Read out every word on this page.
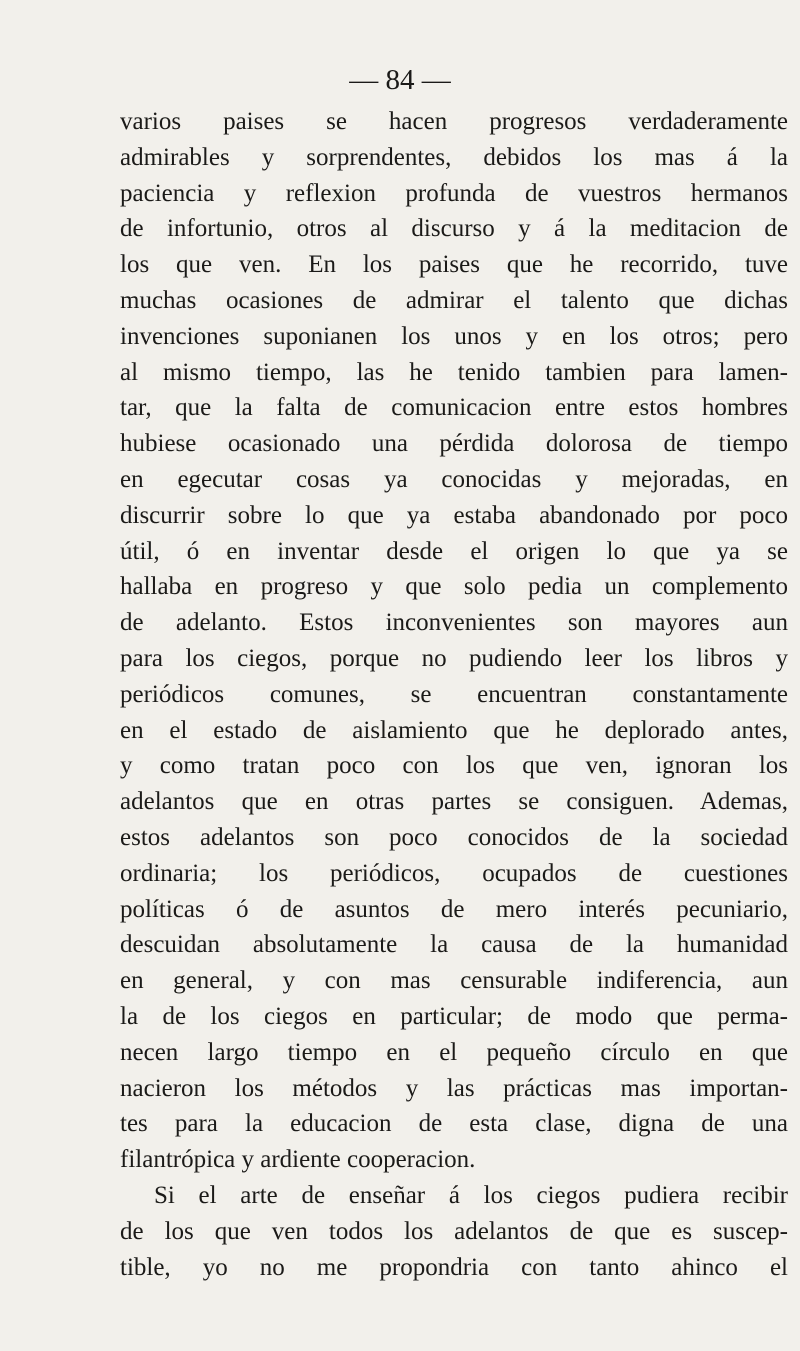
— 84 —
varios paises se hacen progresos verdaderamente
admirables y sorprendentes, debidos los mas á la
paciencia y reflexion profunda de vuestros hermanos
de infortunio, otros al discurso y á la meditacion de
los que ven. En los paises que he recorrido, tuve
muchas ocasiones de admirar el talento que dichas
invenciones suponianen los unos y en los otros; pero
al mismo tiempo, las he tenido tambien para lamen-
tar, que la falta de comunicacion entre estos hombres
hubiese ocasionado una pérdida dolorosa de tiempo
en egecutar cosas ya conocidas y mejoradas, en
discurrir sobre lo que ya estaba abandonado por poco
útil, ó en inventar desde el origen lo que ya se
hallaba en progreso y que solo pedia un complemento
de adelanto. Estos inconvenientes son mayores aun
para los ciegos, porque no pudiendo leer los libros y
periódicos comunes, se encuentran constantamente
en el estado de aislamiento que he deplorado antes,
y como tratan poco con los que ven, ignoran los
adelantos que en otras partes se consiguen. Ademas,
estos adelantos son poco conocidos de la sociedad
ordinaria; los periódicos, ocupados de cuestiones
políticas ó de asuntos de mero interés pecuniario,
descuidan absolutamente la causa de la humanidad
en general, y con mas censurable indiferencia, aun
la de los ciegos en particular; de modo que perma-
necen largo tiempo en el pequeño círculo en que
nacieron los métodos y las prácticas mas importan-
tes para la educacion de esta clase, digna de una
filantrópica y ardiente cooperacion.
Si el arte de enseñar á los ciegos pudiera recibir
de los que ven todos los adelantos de que es suscep-
tible, yo no me propondria con tanto ahinco el
